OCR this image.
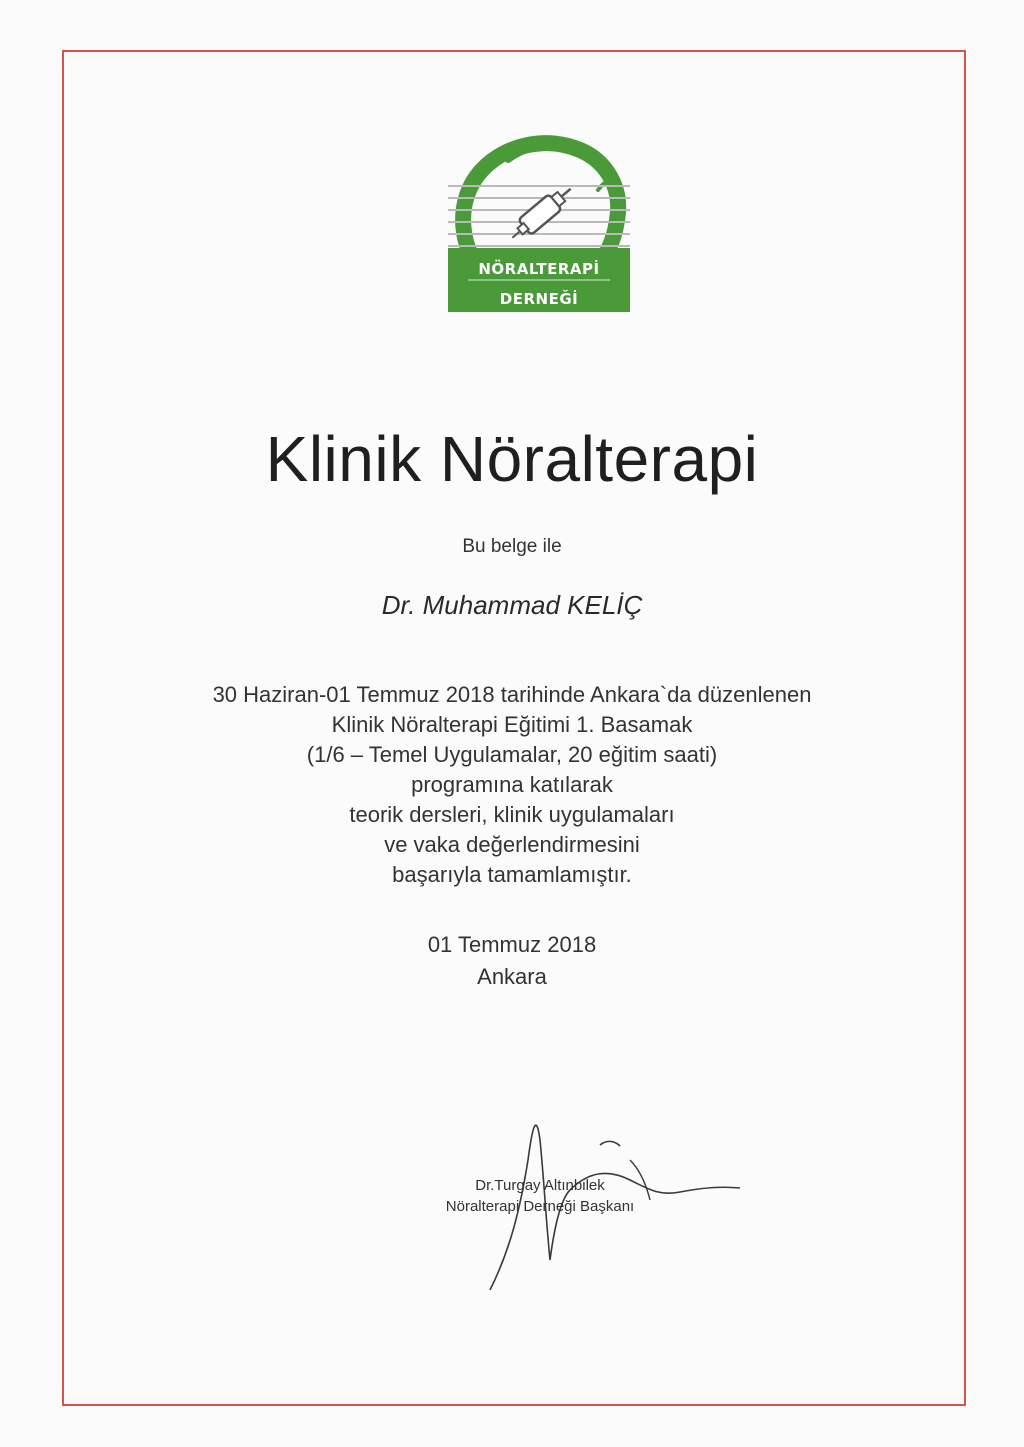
NÖRALTERAPİ
DERNEĞİ
Klinik Nöralterapi
Bu belge ile
Dr. Muhammad KELİÇ
30 Haziran-01 Temmuz 2018 tarihinde Ankara`da düzenlenen
Klinik Nöralterapi Eğitimi 1. Basamak
(1/6 – Temel Uygulamalar, 20 eğitim saati)
programına katılarak
teorik dersleri, klinik uygulamaları
ve vaka değerlendirmesini
başarıyla tamamlamıştır.
01 Temmuz 2018
Ankara
Dr.Turgay Altınbilek
Nöralterapi Derneği Başkanı
